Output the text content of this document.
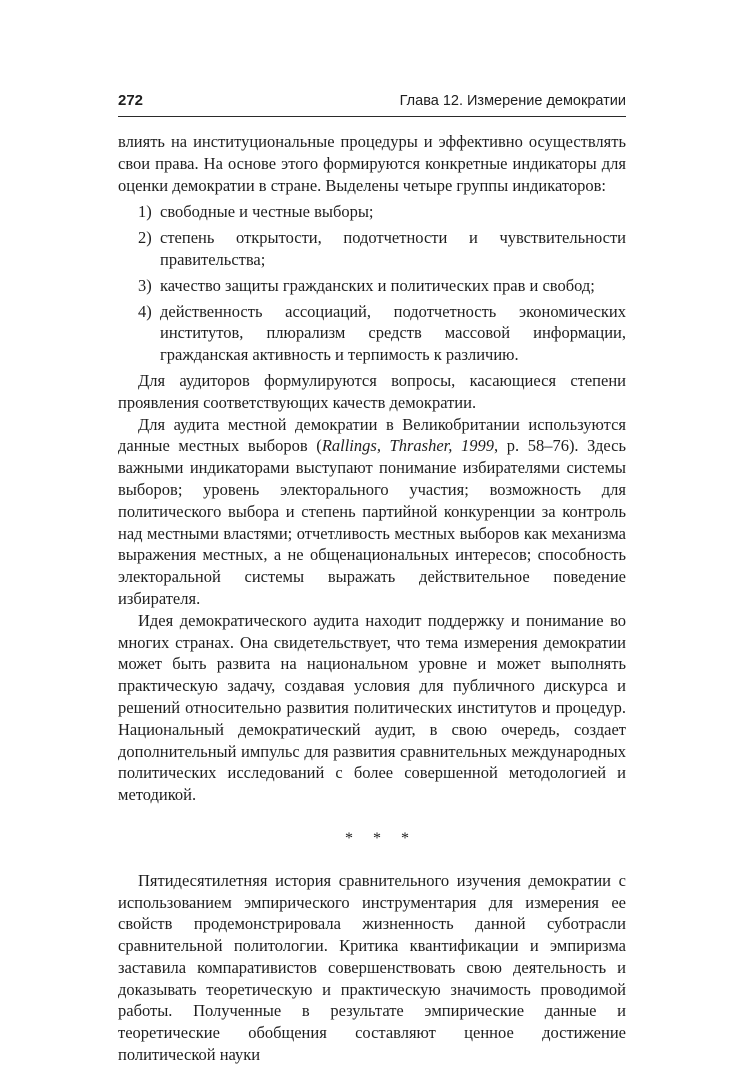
272	Глава 12. Измерение демократии

влиять на институциональные процедуры и эффективно осуществлять свои права. На основе этого формируются конкретные индикаторы для оценки демократии в стране. Выделены четыре группы индикаторов:

1) свободные и честные выборы;
2) степень открытости, подотчетности и чувствительности правительства;
3) качество защиты гражданских и политических прав и свобод;
4) действенность ассоциаций, подотчетность экономических институтов, плюрализм средств массовой информации, гражданская активность и терпимость к различию.

Для аудиторов формулируются вопросы, касающиеся степени проявления соответствующих качеств демократии.

Для аудита местной демократии в Великобритании используются данные местных выборов (Rallings, Thrasher, 1999, p. 58–76). Здесь важными индикаторами выступают понимание избирателями системы выборов; уровень электорального участия; возможность для политического выбора и степень партийной конкуренции за контроль над местными властями; отчетливость местных выборов как механизма выражения местных, а не общенациональных интересов; способность электоральной системы выражать действительное поведение избирателя.

Идея демократического аудита находит поддержку и понимание во многих странах. Она свидетельствует, что тема измерения демократии может быть развита на национальном уровне и может выполнять практическую задачу, создавая условия для публичного дискурса и решений относительно развития политических институтов и процедур. Национальный демократический аудит, в свою очередь, создает дополнительный импульс для развития сравнительных международных политических исследований с более совершенной методологией и методикой.

* * *

Пятидесятилетняя история сравнительного изучения демократии с использованием эмпирического инструментария для измерения ее свойств продемонстрировала жизненность данной суботрасли сравнительной политологии. Критика квантификации и эмпиризма заставила компаративистов совершенствовать свою деятельность и доказывать теоретическую и практическую значимость проводимой работы. Полученные в результате эмпирические данные и теоретические обобщения составляют ценное достижение политической науки
